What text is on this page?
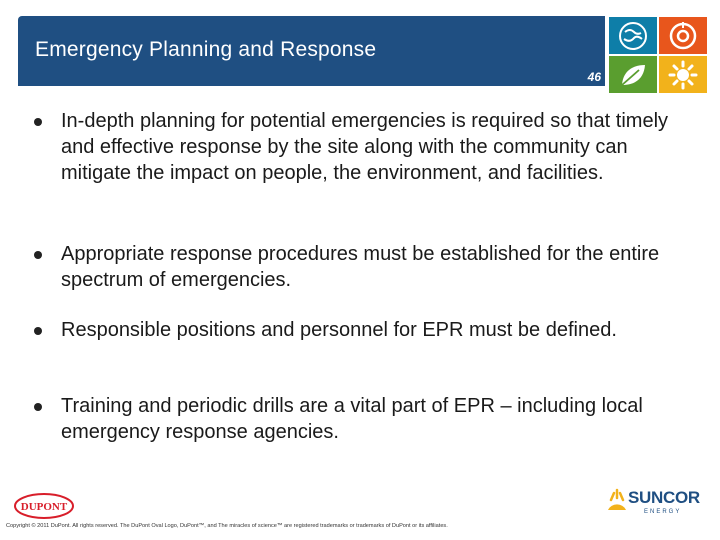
Emergency Planning and Response
46
In-depth planning for potential emergencies is required so that timely and effective response by the site along with the community can mitigate the impact on people, the environment, and facilities.
Appropriate response procedures must be established for the entire spectrum of emergencies.
Responsible positions and personnel for EPR must be defined.
Training and periodic drills are a vital part of EPR – including local emergency response agencies.
DUPONT	SUNCOR
ENERGY
Copyright © 2011 DuPont. All rights reserved. The DuPont Oval Logo, DuPont™, and The miracles of science™ are registered trademarks or trademarks of DuPont or its affiliates.
